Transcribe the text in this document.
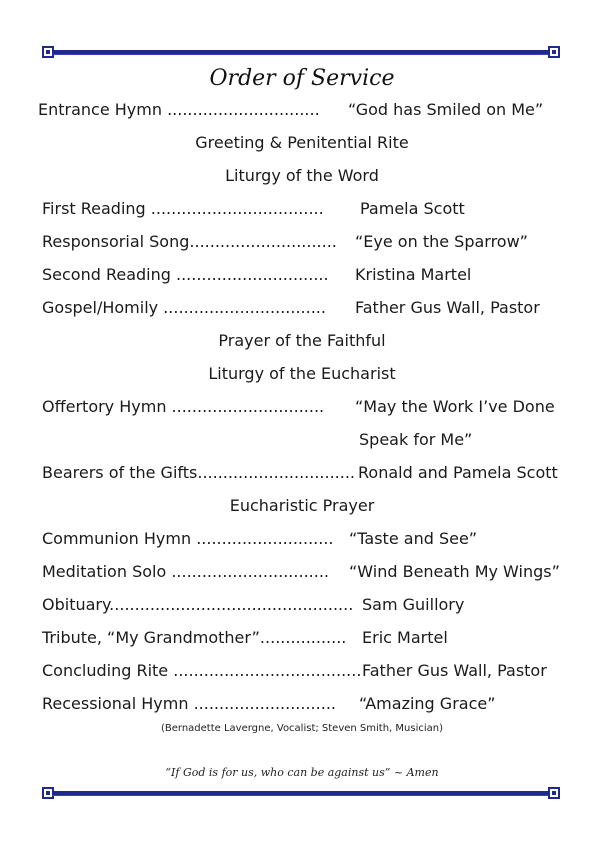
Order of Service
Entrance Hymn .............................. “God has Smiled on Me”
Greeting & Penitential Rite
Liturgy of the Word
First Reading .................................. Pamela Scott
Responsorial Song............................. “Eye on the Sparrow”
Second Reading .............................. Kristina Martel
Gospel/Homily ................................ Father Gus Wall, Pastor
Prayer of the Faithful
Liturgy of the Eucharist
Offertory Hymn .............................. “May the Work I’ve Done
Speak for Me”
Bearers of the Gifts............................... Ronald and Pamela Scott
Eucharistic Prayer
Communion Hymn ........................... “Taste and See”
Meditation Solo ............................... “Wind Beneath My Wings”
Obituary................................................ Sam Guillory
Tribute, “My Grandmother”................. Eric Martel
Concluding Rite ..................................... Father Gus Wall, Pastor
Recessional Hymn ............................ “Amazing Grace”
(Bernadette Lavergne, Vocalist; Steven Smith, Musician)
“If God is for us, who can be against us” ~ Amen
